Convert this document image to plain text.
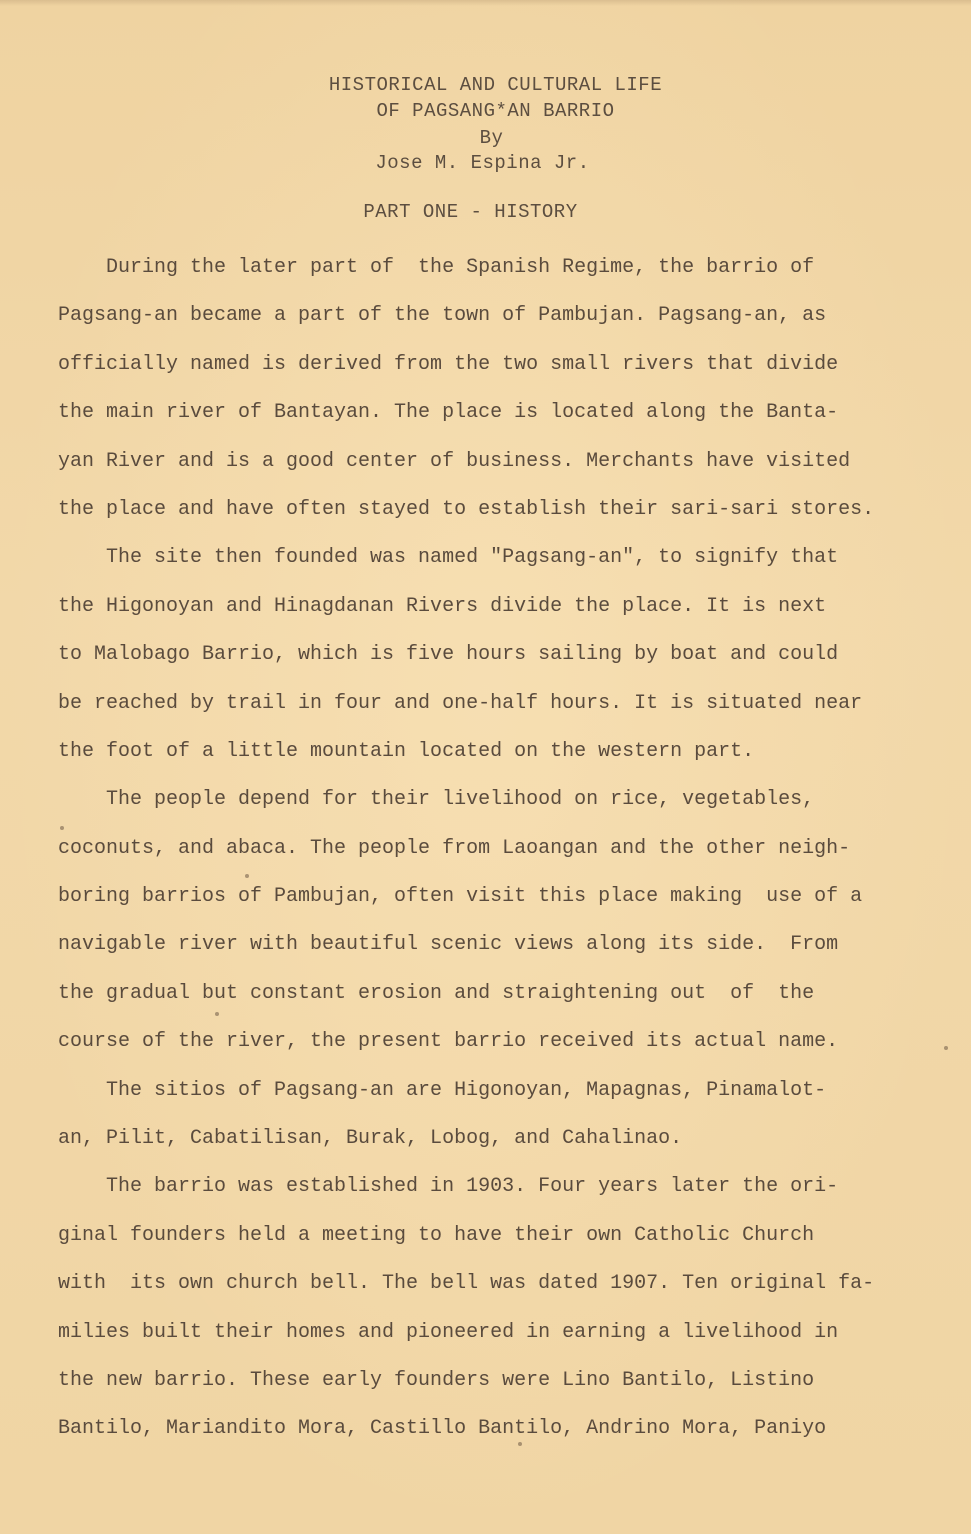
HISTORICAL AND CULTURAL LIFE
OF PAGSANG*AN BARRIO
By
Jose M. Espina Jr.
PART ONE - HISTORY
During the later part of  the Spanish Regime, the barrio of
Pagsang-an became a part of the town of Pambujan. Pagsang-an, as
officially named is derived from the two small rivers that divide
the main river of Bantayan. The place is located along the Banta-
yan River and is a good center of business. Merchants have visited
the place and have often stayed to establish their sari-sari stores.
The site then founded was named "Pagsang-an", to signify that
the Higonoyan and Hinagdanan Rivers divide the place. It is next
to Malobago Barrio, which is five hours sailing by boat and could
be reached by trail in four and one-half hours. It is situated near
the foot of a little mountain located on the western part.
The people depend for their livelihood on rice, vegetables,
coconuts, and abaca. The people from Laoangan and the other neigh-
boring barrios of Pambujan, often visit this place making  use of a
navigable river with beautiful scenic views along its side.  From
the gradual but constant erosion and straightening out  of  the
course of the river, the present barrio received its actual name.
The sitios of Pagsang-an are Higonoyan, Mapagnas, Pinamalot-
an, Pilit, Cabatilisan, Burak, Lobog, and Cahalinao.
The barrio was established in 1903. Four years later the ori-
ginal founders held a meeting to have their own Catholic Church
with  its own church bell. The bell was dated 1907. Ten original fa-
milies built their homes and pioneered in earning a livelihood in
the new barrio. These early founders were Lino Bantilo, Listino
Bantilo, Mariandito Mora, Castillo Bantilo, Andrino Mora, Paniyo
